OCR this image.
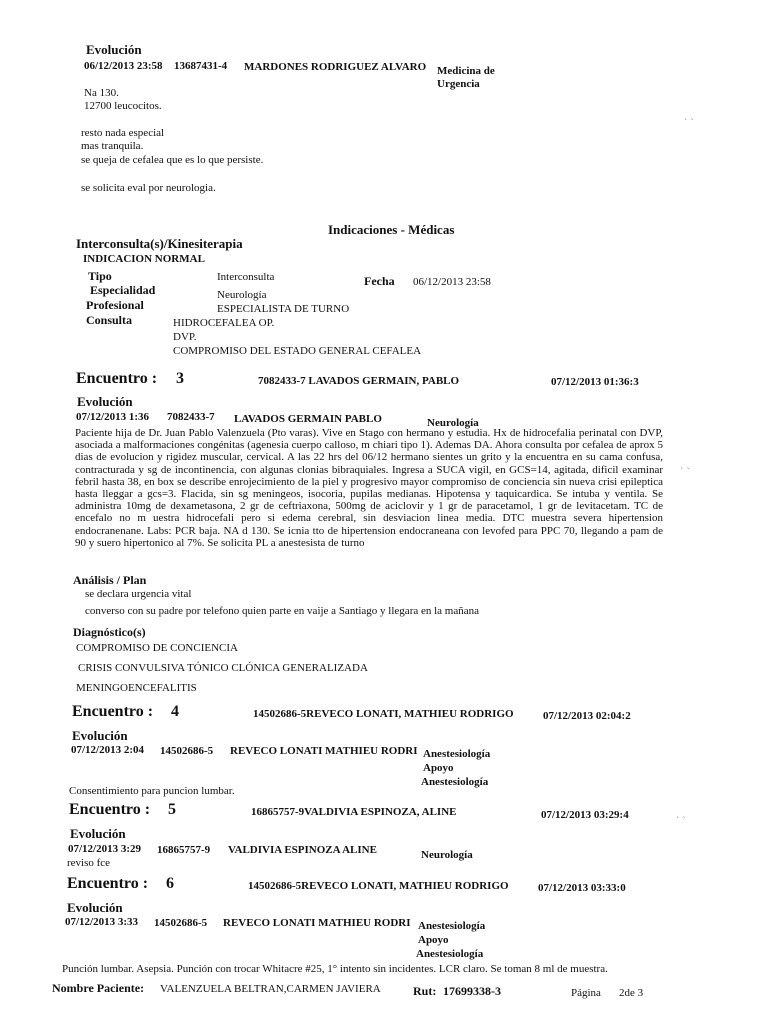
Evolución
06/12/2013 23:58 13687431-4 MARDONES RODRIGUEZ ALVARO Medicina de
Urgencia
Na 130.
12700 leucocitos.
resto nada especial
mas tranquila.
se queja de cefalea que es lo que persiste.
se solicita eval por neurologia.
Indicaciones - Médicas
Interconsulta(s)/Kinesiterapia
INDICACION NORMAL
Tipo	Interconsulta	Fecha 06/12/2013 23:58
Especialidad	Neurología
Profesional	ESPECIALISTA DE TURNO
Consulta	HIDROCEFALEA OP.
DVP.
COMPROMISO DEL ESTADO GENERAL CEFALEA
Encuentro : 3	7082433-7 LAVADOS GERMAIN, PABLO	07/12/2013 01:36:3
Evolución
07/12/2013 1:36 7082433-7 LAVADOS GERMAIN PABLO	Neurología
Paciente hija de Dr. Juan Pablo Valenzuela (Pto varas). Vive en Stago con hermano y estudia. Hx de hidrocefalia perinatal con DVP, asociada a malformaciones congénitas (agenesia cuerpo calloso, m chiari tipo 1). Ademas DA. Ahora consulta por cefalea de aprox 5 dias de evolucion y rigidez muscular, cervical. A las 22 hrs del 06/12 hermano sientes un grito y la encuentra en su cama confusa, contracturada y sg de incontinencia, con algunas clonias bibraquiales. Ingresa a SUCA vigil, en GCS=14, agitada, dificil examinar febril hasta 38, en box se describe enrojecimiento de la piel y progresivo mayor compromiso de conciencia sin nueva crisi epileptica hasta lleggar a gcs=3. Flacida, sin sg meningeos, isocoria, pupilas medianas. Hipotensa y taquicardica. Se intuba y ventila. Se administra 10mg de dexametasona, 2 gr de ceftriaxona, 500mg de aciclovir y 1 gr de paracetamol, 1 gr de levitacetam. TC de encefalo no m uestra hidrocefali pero si edema cerebral, sin desviacion linea media. DTC muestra severa hipertension endocranenane. Labs: PCR baja. NA d 130. Se icnia tto de hipertension endocraneana con levofed para PPC 70, llegando a pam de 90 y suero hipertonico al 7%. Se solicita PL a anestesista de turno
Análisis / Plan
se declara urgencia vital
converso con su padre por telefono quien parte en vaije a Santiago y llegara en la mañana
Diagnóstico(s)
COMPROMISO DE CONCIENCIA
CRISIS CONVULSIVA TÓNICO CLÓNICA GENERALIZADA
MENINGOENCEFALITIS
Encuentro : 4	14502686-5REVECO LONATI, MATHIEU RODRIGO	07/12/2013 02:04:2
Evolución
07/12/2013 2:04 14502686-5 REVECO LONATI MATHIEU RODRI Anestesiología
Apoyo
Anestesiología
Consentimiento para puncion lumbar.
Encuentro : 5	16865757-9VALDIVIA ESPINOZA, ALINE	07/12/2013 03:29:4
Evolución
07/12/2013 3:29 16865757-9 VALDIVIA ESPINOZA ALINE	Neurología
reviso fce
Encuentro : 6	14502686-5REVECO LONATI, MATHIEU RODRIGO	07/12/2013 03:33:0
Evolución
07/12/2013 3:33 14502686-5 REVECO LONATI MATHIEU RODRI Anestesiología
Apoyo
Anestesiología
Punción lumbar. Asepsia. Punción con trocar Whitacre #25, 1° intento sin incidentes. LCR claro. Se toman 8 ml de muestra.
Nombre Paciente: VALENZUELA BELTRAN,CARMEN JAVIERA	Rut: 17699338-3	Página 2de 3
` `
` `
` `
